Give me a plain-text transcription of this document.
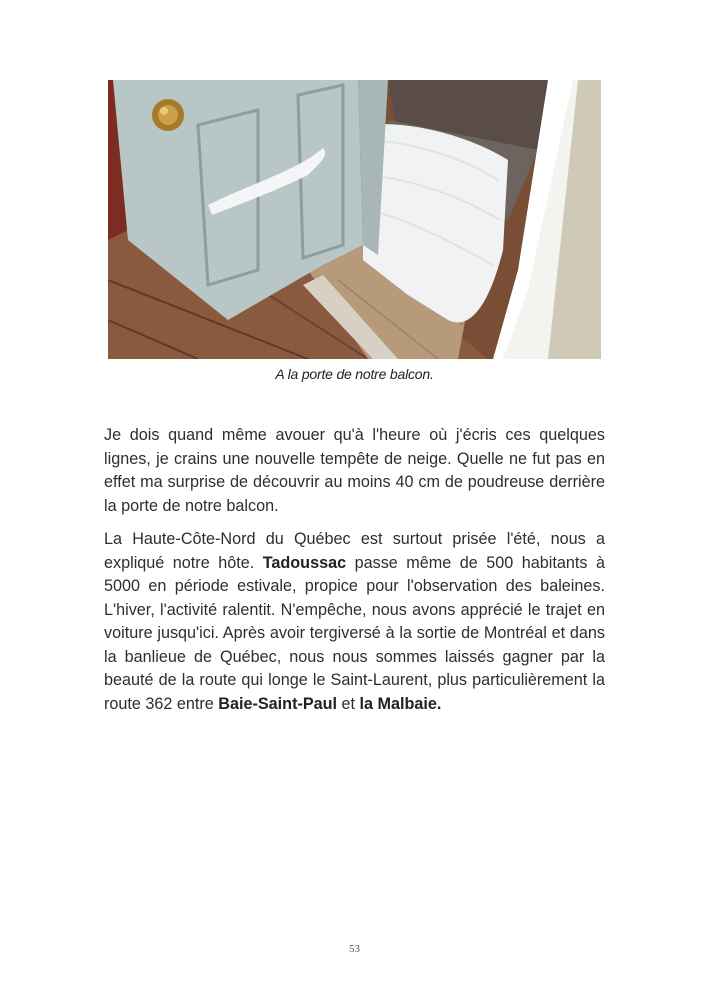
A la porte de notre balcon.

Je dois quand même avouer qu'à l'heure où j'écris ces quelques lignes, je crains une nouvelle tempête de neige. Quelle ne fut pas en effet ma surprise de découvrir au moins 40 cm de poudreuse derrière la porte de notre balcon.

La Haute-Côte-Nord du Québec est surtout prisée l'été, nous a expliqué notre hôte. Tadoussac passe même de 500 habitants à 5000 en période estivale, propice pour l'observation des baleines. L'hiver, l'activité ralentit. N'empêche, nous avons apprécié le trajet en voiture jusqu'ici. Après avoir tergiversé à la sortie de Montréal et dans la banlieue de Québec, nous nous sommes laissés gagner par la beauté de la route qui longe le Saint-Laurent, plus particulièrement la route 362 entre Baie-Saint-Paul et la Malbaie.

53
